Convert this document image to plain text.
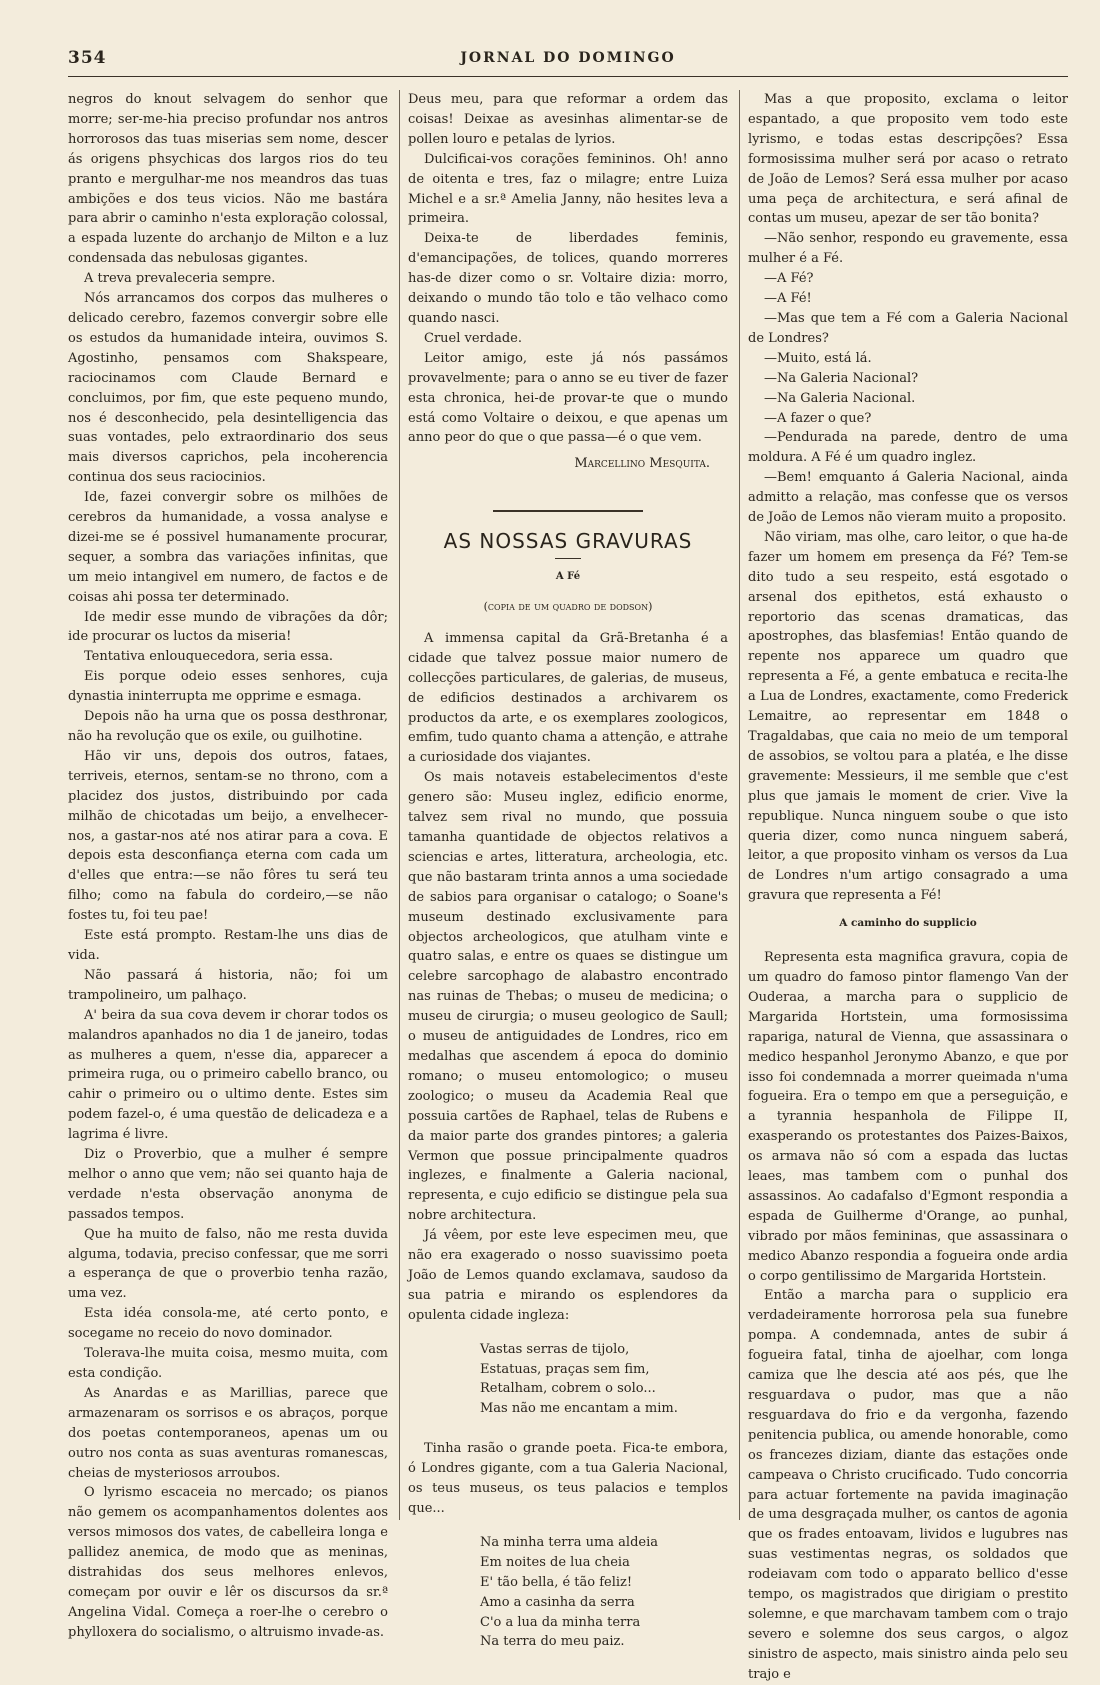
354	JORNAL DO DOMINGO

negros do knout selvagem do senhor que morre; ser-me-hia preciso profundar nos antros horrorosos das tuas miserias sem nome, descer ás origens phsychicas dos largos rios do teu pranto e mergulhar-me nos meandros das tuas ambições e dos teus vicios. Não me bastára para abrir o caminho n'esta exploração colossal, a espada luzente do archanjo de Milton e a luz condensada das nebulosas gigantes.

A treva prevaleceria sempre.

Nós arrancamos dos corpos das mulheres o delicado cerebro, fazemos convergir sobre elle os estudos da humanidade inteira, ouvimos S. Agostinho, pensamos com Shakspeare, raciocinamos com Claude Bernard e concluimos, por fim, que este pequeno mundo, nos é desconhecido, pela desintelligencia das suas vontades, pelo extraordinario dos seus mais diversos caprichos, pela incoherencia continua dos seus raciocinios.

Ide, fazei convergir sobre os milhões de cerebros da humanidade, a vossa analyse e dizei-me se é possivel humanamente procurar, sequer, a sombra das variações infinitas, que um meio intangivel em numero, de factos e de coisas ahi possa ter determinado.

Ide medir esse mundo de vibrações da dôr; ide procurar os luctos da miseria!

Tentativa enlouquecedora, seria essa.

Eis porque odeio esses senhores, cuja dynastia ininterrupta me opprime e esmaga.

Depois não ha urna que os possa desthronar, não ha revolução que os exile, ou guilhotine.

Hão vir uns, depois dos outros, fataes, terriveis, eternos, sentam-se no throno, com a placidez dos justos, distribuindo por cada milhão de chicotadas um beijo, a envelhecer-nos, a gastar-nos até nos atirar para a cova. E depois esta desconfiança eterna com cada um d'elles que entra:—se não fôres tu será teu filho; como na fabula do cordeiro,—se não fostes tu, foi teu pae!

Este está prompto. Restam-lhe uns dias de vida.

Não passará á historia, não; foi um trampolineiro, um palhaço.

A' beira da sua cova devem ir chorar todos os malandros apanhados no dia 1 de janeiro, todas as mulheres a quem, n'esse dia, apparecer a primeira ruga, ou o primeiro cabello branco, ou cahir o primeiro ou o ultimo dente. Estes sim podem fazel-o, é uma questão de delicadeza e a lagrima é livre.

Diz o Proverbio, que a mulher é sempre melhor o anno que vem; não sei quanto haja de verdade n'esta observação anonyma de passados tempos.

Que ha muito de falso, não me resta duvida alguma, todavia, preciso confessar, que me sorri a esperança de que o proverbio tenha razão, uma vez.

Esta idéa consola-me, até certo ponto, e socegame no receio do novo dominador.

Tolerava-lhe muita coisa, mesmo muita, com esta condição.

As Anardas e as Marillias, parece que armazenaram os sorrisos e os abraços, porque dos poetas contemporaneos, apenas um ou outro nos conta as suas aventuras romanescas, cheias de mysteriosos arroubos.

O lyrismo escaceia no mercado; os pianos não gemem os acompanhamentos dolentes aos versos mimosos dos vates, de cabelleira longa e pallidez anemica, de modo que as meninas, distrahidas dos seus melhores enlevos, começam por ouvir e lêr os discursos da sr.ª Angelina Vidal. Começa a roer-lhe o cerebro o phylloxera do socialismo, o altruismo invade-as.

Deus meu, para que reformar a ordem das coisas! Deixae as avesinhas alimentar-se de pollen louro e petalas de lyrios.

Dulcificai-vos corações femininos. Oh! anno de oitenta e tres, faz o milagre; entre Luiza Michel e a sr.ª Amelia Janny, não hesites leva a primeira.

Deixa-te de liberdades feminis, d'emancipações, de tolices, quando morreres has-de dizer como o sr. Voltaire dizia: morro, deixando o mundo tão tolo e tão velhaco como quando nasci.

Cruel verdade.

Leitor amigo, este já nós passámos provavelmente; para o anno se eu tiver de fazer esta chronica, hei-de provar-te que o mundo está como Voltaire o deixou, e que apenas um anno peor do que o que passa—é o que vem.

Marcellino Mesquita.

AS NOSSAS GRAVURAS
A Fé
(copia de um quadro de dodson)

A immensa capital da Grã-Bretanha é a cidade que talvez possue maior numero de collecções particulares, de galerias, de museus, de edificios destinados a archivarem os productos da arte, e os exemplares zoologicos, emfim, tudo quanto chama a attenção, e attrahe a curiosidade dos viajantes.

Os mais notaveis estabelecimentos d'este genero são: Museu inglez, edificio enorme, talvez sem rival no mundo, que possuia tamanha quantidade de objectos relativos a sciencias e artes, litteratura, archeologia, etc. que não bastaram trinta annos a uma sociedade de sabios para organisar o catalogo; o Soane's museum destinado exclusivamente para objectos archeologicos, que atulham vinte e quatro salas, e entre os quaes se distingue um celebre sarcophago de alabastro encontrado nas ruinas de Thebas; o museu de medicina; o museu de cirurgia; o museu geologico de Saull; o museu de antiguidades de Londres, rico em medalhas que ascendem á epoca do dominio romano; o museu entomologico; o museu zoologico; o museu da Academia Real que possuia cartões de Raphael, telas de Rubens e da maior parte dos grandes pintores; a galeria Vermon que possue principalmente quadros inglezes, e finalmente a Galeria nacional, representa, e cujo edificio se distingue pela sua nobre architectura.

Já vêem, por este leve especimen meu, que não era exagerado o nosso suavissimo poeta João de Lemos quando exclamava, saudoso da sua patria e mirando os esplendores da opulenta cidade ingleza:

Vastas serras de tijolo,
Estatuas, praças sem fim,
Retalham, cobrem o solo...
Mas não me encantam a mim.

Tinha rasão o grande poeta. Fica-te embora, ó Londres gigante, com a tua Galeria Nacional, os teus museus, os teus palacios e templos que...

Na minha terra uma aldeia
Em noites de lua cheia
E' tão bella, é tão feliz!
Amo a casinha da serra
C'o a lua da minha terra
Na terra do meu paiz.

Mas a que proposito, exclama o leitor espantado, a que proposito vem todo este lyrismo, e todas estas descripções? Essa formosissima mulher será por acaso o retrato de João de Lemos? Será essa mulher por acaso uma peça de architectura, e será afinal de contas um museu, apezar de ser tão bonita?

—Não senhor, respondo eu gravemente, essa mulher é a Fé.

—A Fé?

—A Fé!

—Mas que tem a Fé com a Galeria Nacional de Londres?

—Muito, está lá.

—Na Galeria Nacional?

—Na Galeria Nacional.

—A fazer o que?

—Pendurada na parede, dentro de uma moldura. A Fé é um quadro inglez.

—Bem! emquanto á Galeria Nacional, ainda admitto a relação, mas confesse que os versos de João de Lemos não vieram muito a proposito.

Não viriam, mas olhe, caro leitor, o que ha-de fazer um homem em presença da Fé? Tem-se dito tudo a seu respeito, está esgotado o arsenal dos epithetos, está exhausto o reportorio das scenas dramaticas, das apostrophes, das blasfemias! Então quando de repente nos apparece um quadro que representa a Fé, a gente embatuca e recita-lhe a Lua de Londres, exactamente, como Frederick Lemaitre, ao representar em 1848 o Tragaldabas, que caia no meio de um temporal de assobios, se voltou para a platéa, e lhe disse gravemente: Messieurs, il me semble que c'est plus que jamais le moment de crier. Vive la republique. Nunca ninguem soube o que isto queria dizer, como nunca ninguem saberá, leitor, a que proposito vinham os versos da Lua de Londres n'um artigo consagrado a uma gravura que representa a Fé!

A caminho do supplicio

Representa esta magnifica gravura, copia de um quadro do famoso pintor flamengo Van der Ouderaa, a marcha para o supplicio de Margarida Hortstein, uma formosissima rapariga, natural de Vienna, que assassinara o medico hespanhol Jeronymo Abanzo, e que por isso foi condemnada a morrer queimada n'uma fogueira. Era o tempo em que a perseguição, e a tyrannia hespanhola de Filippe II, exasperando os protestantes dos Paizes-Baixos, os armava não só com a espada das luctas leaes, mas tambem com o punhal dos assassinos. Ao cadafalso d'Egmont respondia a espada de Guilherme d'Orange, ao punhal, vibrado por mãos femininas, que assassinara o medico Abanzo respondia a fogueira onde ardia o corpo gentilissimo de Margarida Hortstein.

Então a marcha para o supplicio era verdadeiramente horrorosa pela sua funebre pompa. A condemnada, antes de subir á fogueira fatal, tinha de ajoelhar, com longa camiza que lhe descia até aos pés, que lhe resguardava o pudor, mas que a não resguardava do frio e da vergonha, fazendo penitencia publica, ou amende honorable, como os francezes diziam, diante das estações onde campeava o Christo crucificado. Tudo concorria para actuar fortemente na pavida imaginação de uma desgraçada mulher, os cantos de agonia que os frades entoavam, lividos e lugubres nas suas vestimentas negras, os soldados que rodeiavam com todo o apparato bellico d'esse tempo, os magistrados que dirigiam o prestito solemne, e que marchavam tambem com o trajo severo e solemne dos seus cargos, o algoz sinistro de aspecto, mais sinistro ainda pelo seu trajo e
